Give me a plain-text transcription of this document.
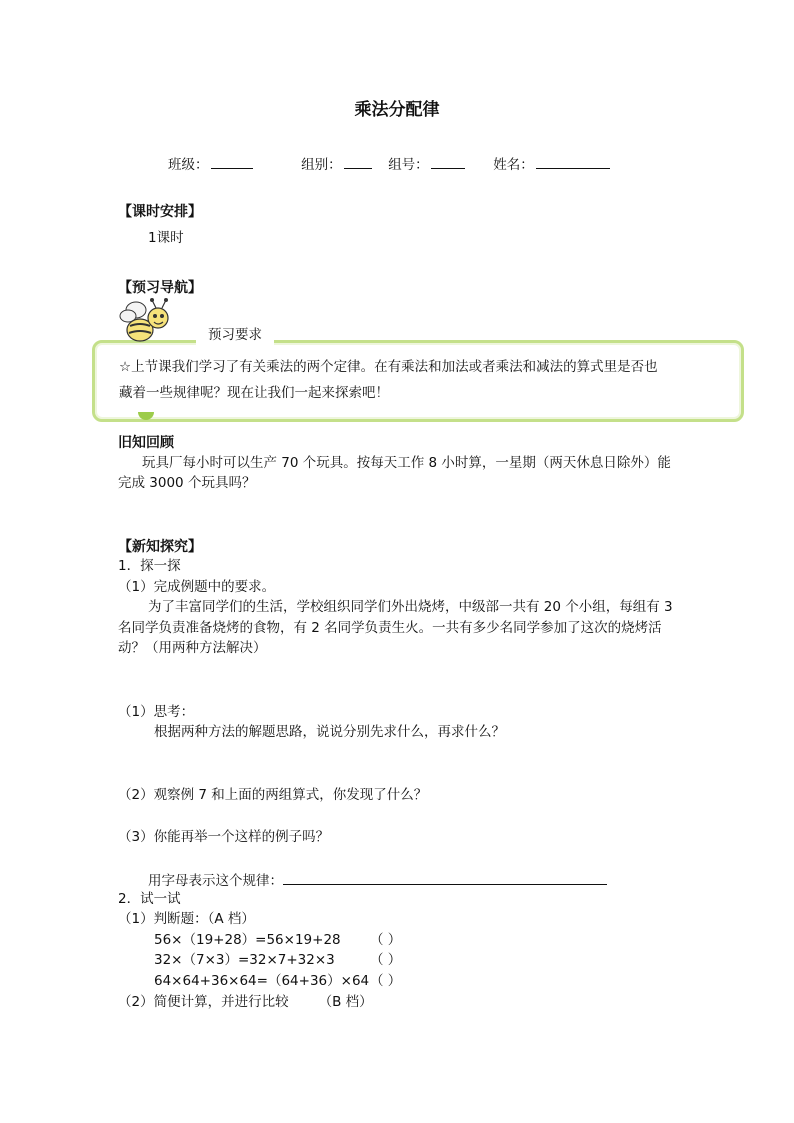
乘法分配律
班级：	组别：	组号：	姓名：
【课时安排】
1课时
【预习导航】
☆上节课我们学习了有关乘法的两个定律。在有乘法和加法或者乘法和减法的算式里是否也
藏着一些规律呢？现在让我们一起来探索吧！
预习要求
旧知回顾
玩具厂每小时可以生产 70 个玩具。按每天工作 8 小时算，一星期（两天休息日除外）能
完成 3000 个玩具吗？
【新知探究】
1．探一探
（1）完成例题中的要求。
为了丰富同学们的生活，学校组织同学们外出烧烤，中级部一共有 20 个小组，每组有 3
名同学负责准备烧烤的食物，有 2 名同学负责生火。一共有多少名同学参加了这次的烧烤活
动？（用两种方法解决）
（1）思考：
根据两种方法的解题思路，说说分别先求什么，再求什么？
（2）观察例 7 和上面的两组算式，你发现了什么？
（3）你能再举一个这样的例子吗？
用字母表示这个规律：
2．试一试
（1）判断题：（A 档）
56×（19+28）=56×19+28 （ ）
32×（7×3）=32×7+32×3	（ ）
64×64+36×64=（64+36）×64 （ ）
（2）简便计算，并进行比较 （B 档）
